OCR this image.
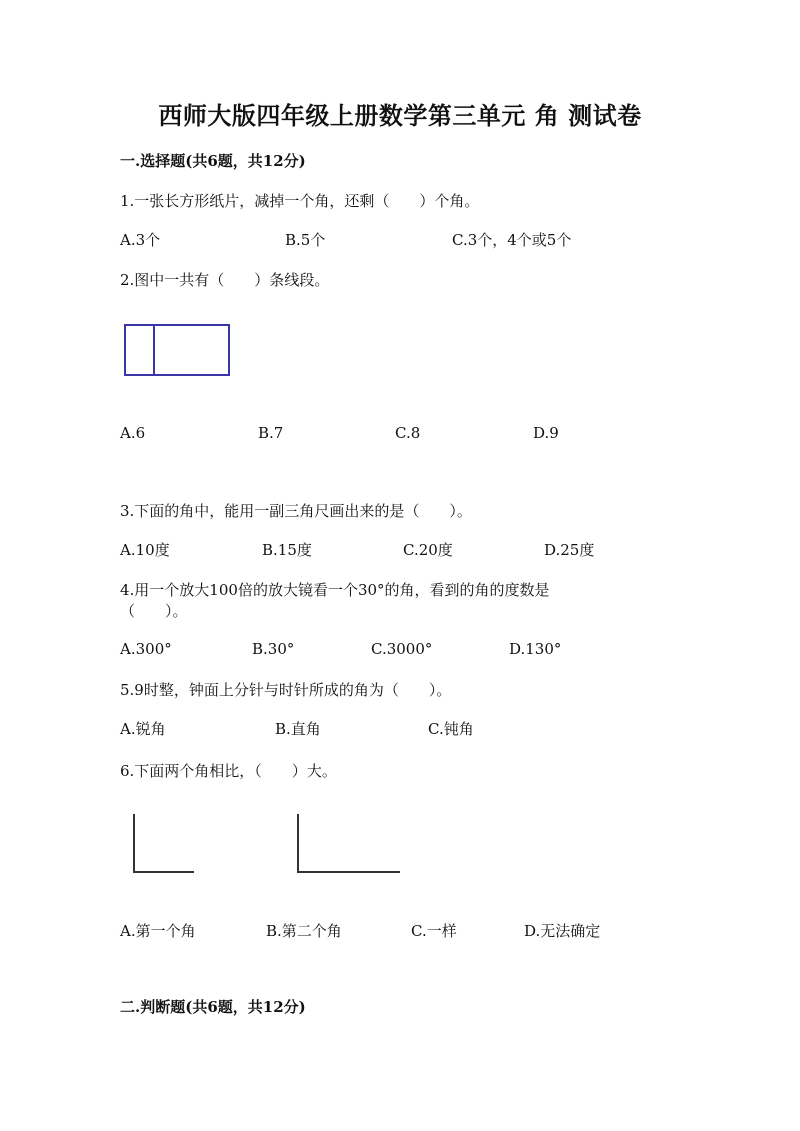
西师大版四年级上册数学第三单元 角 测试卷
一.选择题(共6题，共12分)
1.一张长方形纸片，减掉一个角，还剩（　　）个角。
A.3个	B.5个	C.3个，4个或5个
2.图中一共有（　　）条线段。
A.6	B.7	C.8	D.9
3.下面的角中，能用一副三角尺画出来的是（　　）。
A.10度	B.15度	C.20度	D.25度
4.用一个放大100倍的放大镜看一个30°的角，看到的角的度数是
（　　）。
A.300°	B.30°	C.3000°	D.130°
5.9时整，钟面上分针与时针所成的角为（　　）。
A.锐角	B.直角	C.钝角
6.下面两个角相比，（　　）大。
A.第一个角	B.第二个角	C.一样	D.无法确定
二.判断题(共6题，共12分)
